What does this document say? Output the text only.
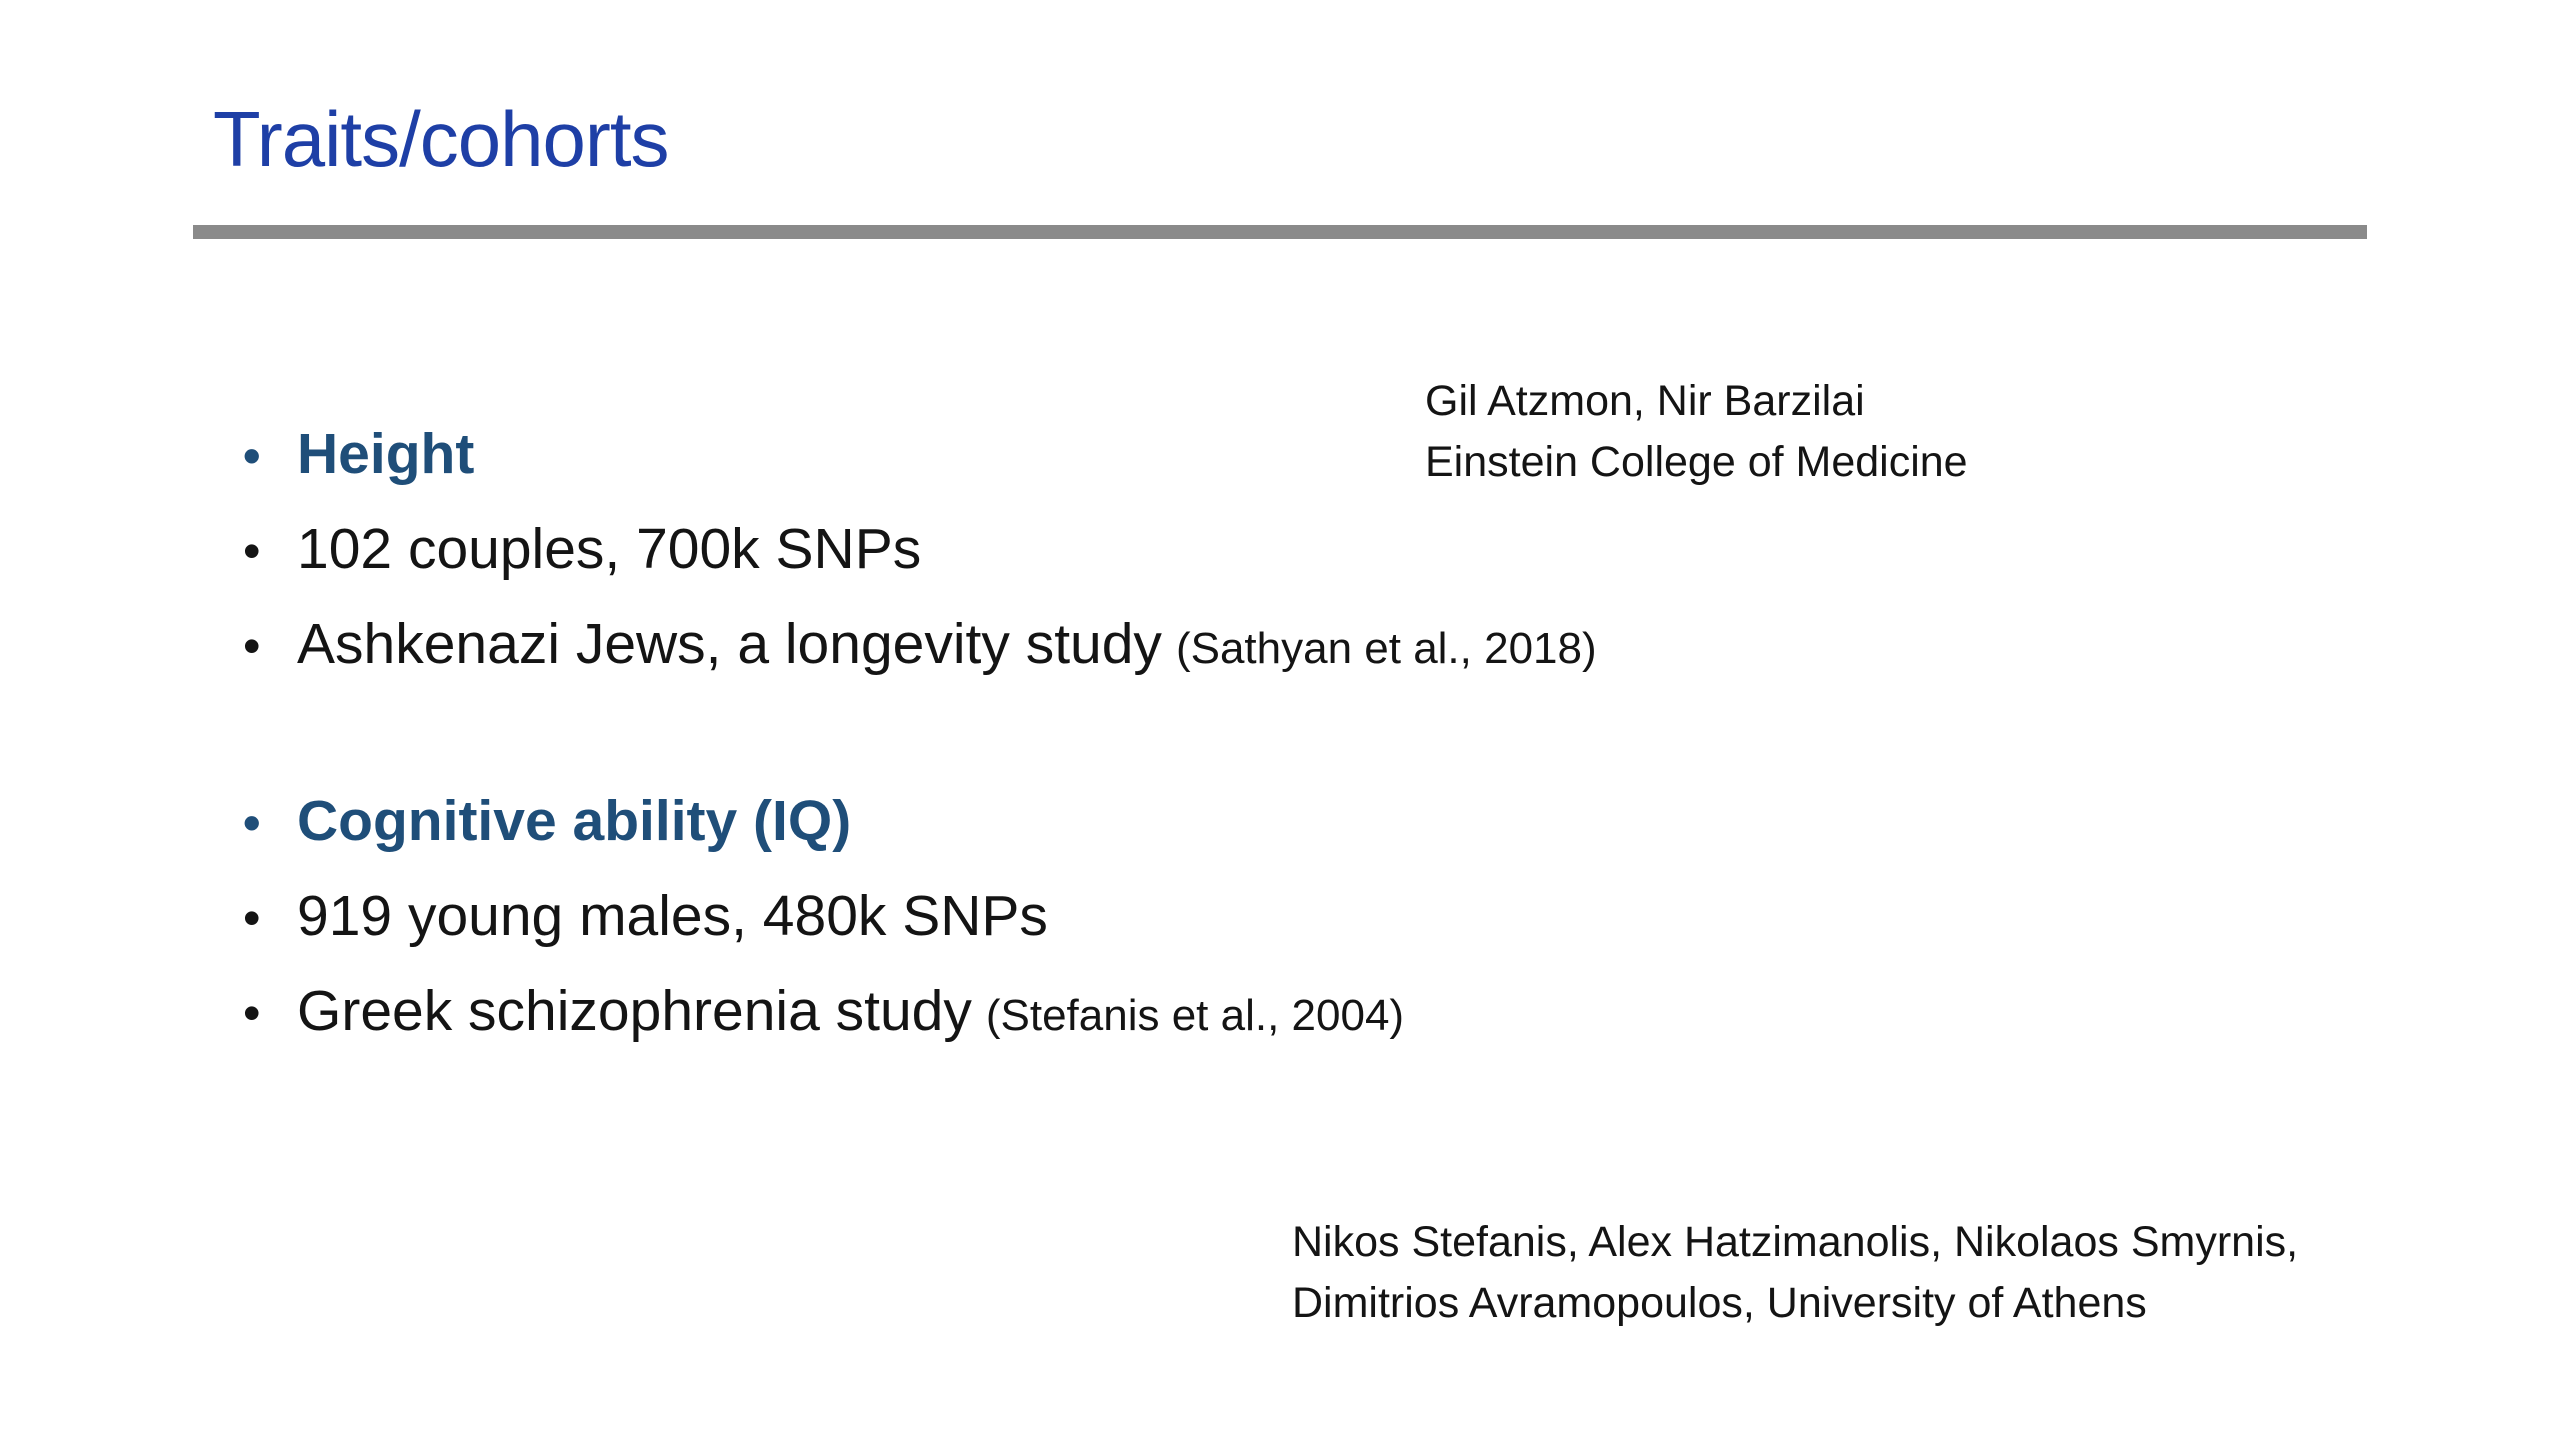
Traits/cohorts
• Height
• 102 couples, 700k SNPs
• Ashkenazi Jews, a longevity study (Sathyan et al., 2018)
• Cognitive ability (IQ)
• 919 young males, 480k SNPs
• Greek schizophrenia study (Stefanis et al., 2004)
Gil Atzmon, Nir Barzilai
Einstein College of Medicine
Nikos Stefanis, Alex Hatzimanolis, Nikolaos Smyrnis,
Dimitrios Avramopoulos, University of Athens
